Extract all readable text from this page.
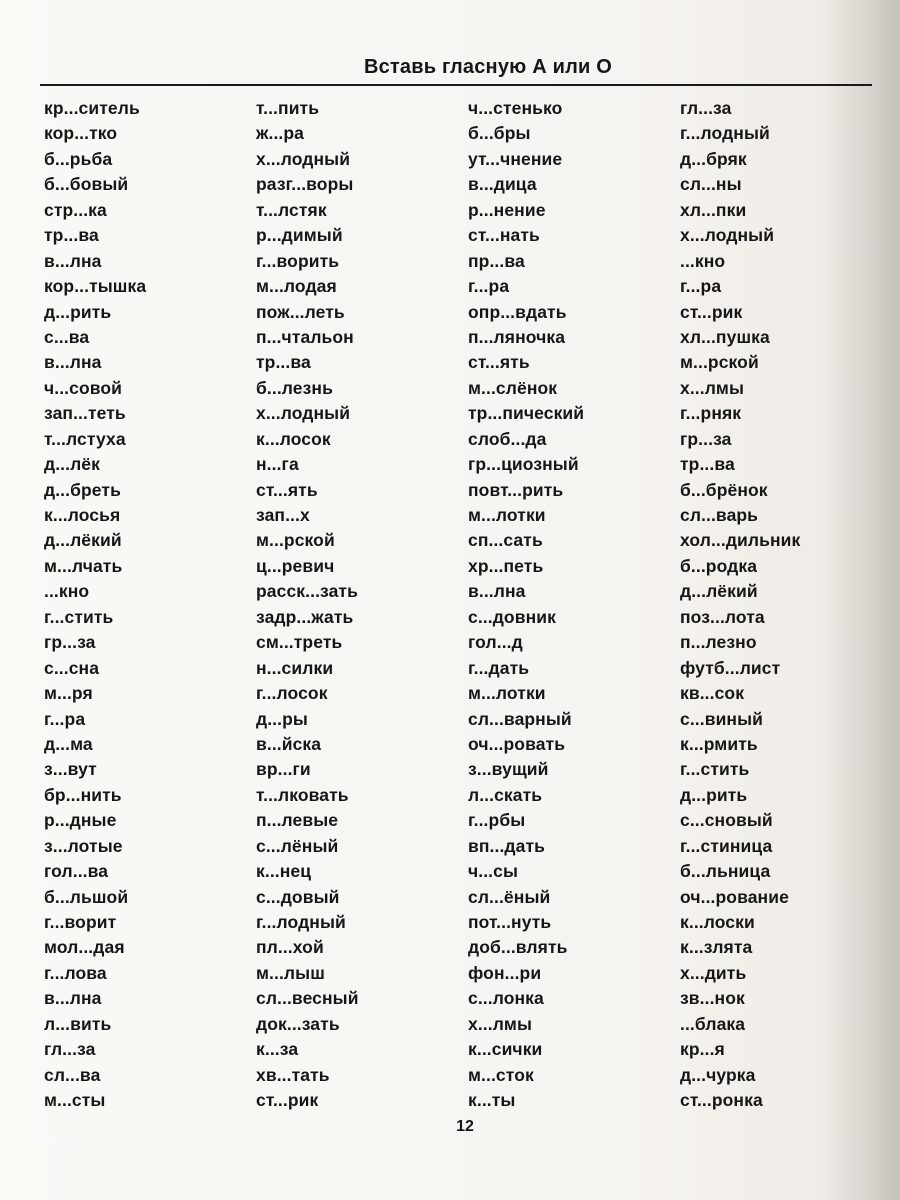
Вставь гласную А или О
кр...ситель
кор...тко
б...рьба
б...бовый
стр...ка
тр...ва
в...лна
кор...тышка
д...рить
с...ва
в...лна
ч...совой
зап...теть
т...лстуха
д...лёк
д...бреть
к...лосья
д...лёкий
м...лчать
...кно
г...стить
гр...за
с...сна
м...ря
г...ра
д...ма
з...вут
бр...нить
р...дные
з...лотые
гол...ва
б...льшой
г...ворит
мол...дая
г...лова
в...лна
л...вить
гл...за
сл...ва
м...сты
т...пить
ж...ра
х...лодный
разг...воры
т...лстяк
р...димый
г...ворить
м...лодая
пож...леть
п...чтальон
тр...ва
б...лезнь
х...лодный
к...лосок
н...га
ст...ять
зап...х
м...рской
ц...ревич
расск...зать
задр...жать
см...треть
н...силки
г...лосок
д...ры
в...йска
вр...ги
т...лковать
п...левые
с...лёный
к...нец
с...довый
г...лодный
пл...хой
м...лыш
сл...весный
док...зать
к...за
хв...тать
ст...рик
ч...стенько
б...бры
ут...чнение
в...дица
р...нение
ст...нать
пр...ва
г...ра
опр...вдать
п...ляночка
ст...ять
м...слёнок
тр...пический
слоб...да
гр...циозный
повт...рить
м...лотки
сп...сать
хр...петь
в...лна
с...довник
гол...д
г...дать
м...лотки
сл...варный
оч...ровать
з...вущий
л...скать
г...рбы
вп...дать
ч...сы
сл...ёный
пот...нуть
доб...влять
фон...ри
с...лонка
х...лмы
к...сички
м...сток
к...ты
гл...за
г...лодный
д...бряк
сл...ны
хл...пки
х...лодный
...кно
г...ра
ст...рик
хл...пушка
м...рской
х...лмы
г...рняк
гр...за
тр...ва
б...брёнок
сл...варь
хол...дильник
б...родка
д...лёкий
поз...лота
п...лезно
футб...лист
кв...сок
с...виный
к...рмить
г...стить
д...рить
с...сновый
г...стиница
б...льница
оч...рование
к...лоски
к...злята
х...дить
зв...нок
...блака
кр...я
д...чурка
ст...ронка
12
